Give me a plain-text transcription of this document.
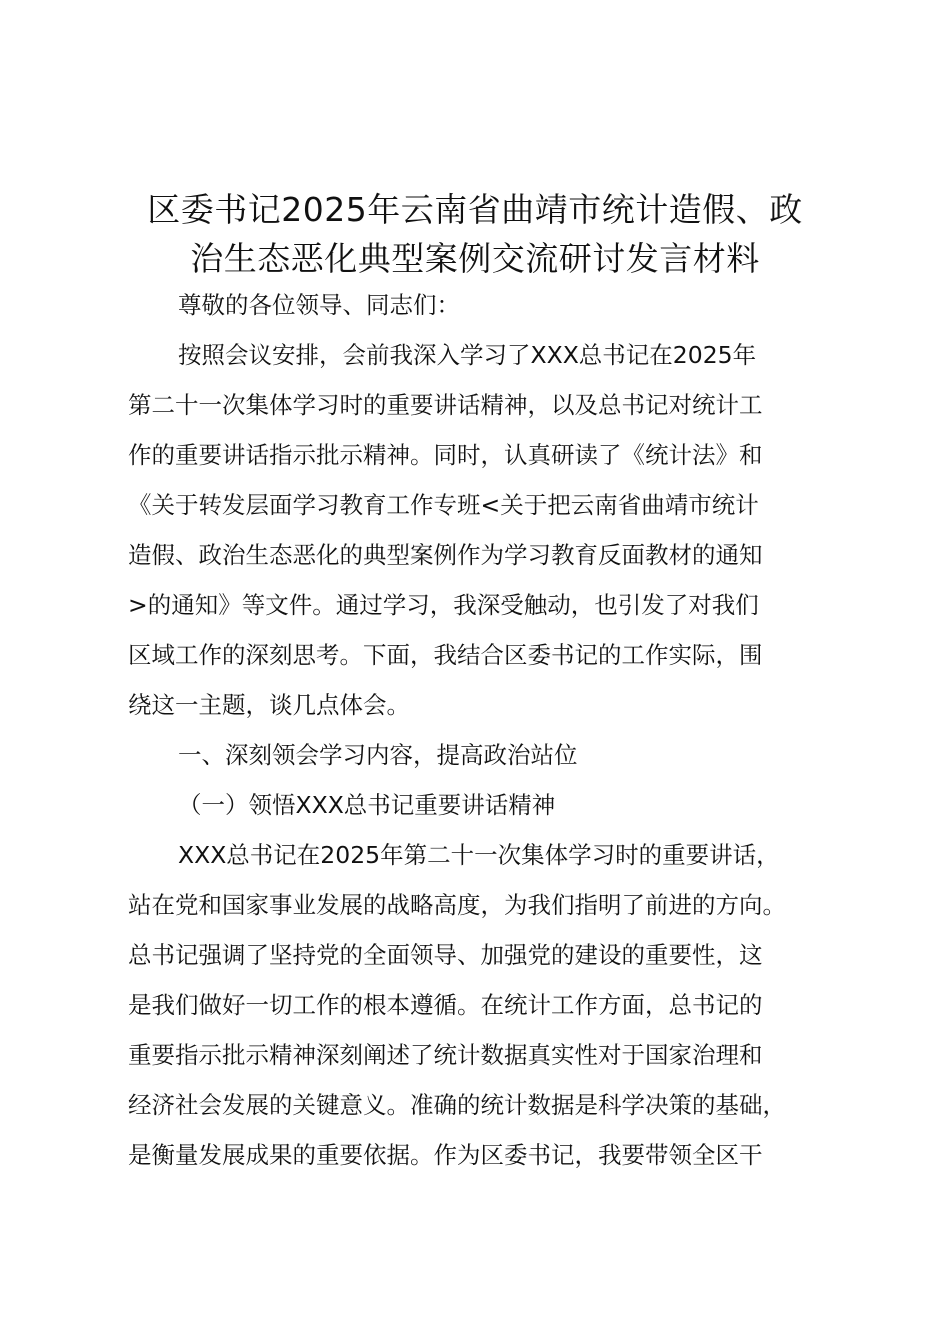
区委书记2025年云南省曲靖市统计造假、政
治生态恶化典型案例交流研讨发言材料
尊敬的各位领导、同志们：
按照会议安排，会前我深入学习了XXX总书记在2025年
第二十一次集体学习时的重要讲话精神，以及总书记对统计工
作的重要讲话指示批示精神。同时，认真研读了《统计法》和
《关于转发层面学习教育工作专班<关于把云南省曲靖市统计
造假、政治生态恶化的典型案例作为学习教育反面教材的通知
>的通知》等文件。通过学习，我深受触动，也引发了对我们
区域工作的深刻思考。下面，我结合区委书记的工作实际，围
绕这一主题，谈几点体会。
一、深刻领会学习内容，提高政治站位
（一）领悟XXX总书记重要讲话精神
XXX总书记在2025年第二十一次集体学习时的重要讲话，
站在党和国家事业发展的战略高度，为我们指明了前进的方向。
总书记强调了坚持党的全面领导、加强党的建设的重要性，这
是我们做好一切工作的根本遵循。在统计工作方面，总书记的
重要指示批示精神深刻阐述了统计数据真实性对于国家治理和
经济社会发展的关键意义。准确的统计数据是科学决策的基础，
是衡量发展成果的重要依据。作为区委书记，我要带领全区干
